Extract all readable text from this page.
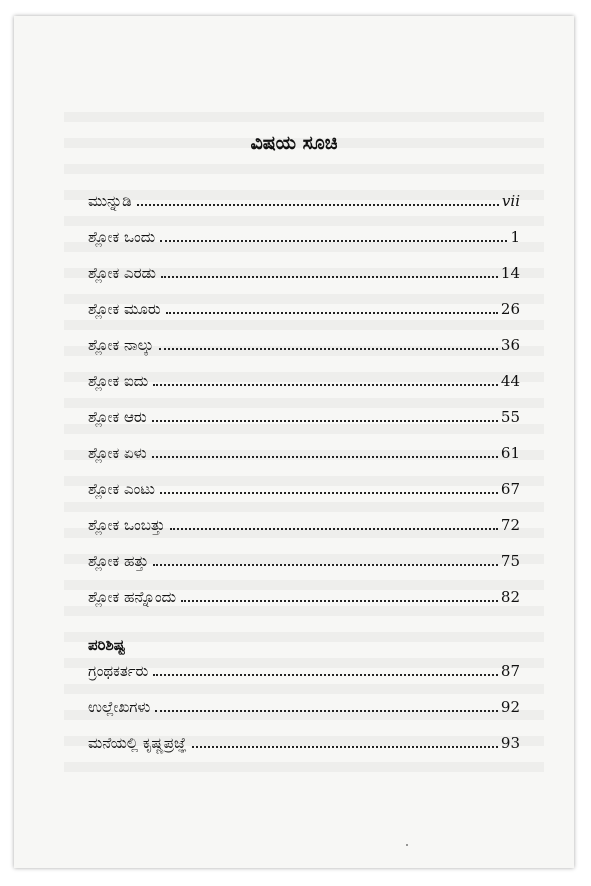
ವಿಷಯ ಸೂಚಿ
ಮುನ್ನುಡಿ	vii
ಶ್ಲೋಕ ಒಂದು	1
ಶ್ಲೋಕ ಎರಡು	14
ಶ್ಲೋಕ ಮೂರು	26
ಶ್ಲೋಕ ನಾಲ್ಕು	36
ಶ್ಲೋಕ ಐದು	44
ಶ್ಲೋಕ ಆರು	55
ಶ್ಲೋಕ ಏಳು	61
ಶ್ಲೋಕ ಎಂಟು	67
ಶ್ಲೋಕ ಒಂಬತ್ತು	72
ಶ್ಲೋಕ ಹತ್ತು	75
ಶ್ಲೋಕ ಹನ್ನೊಂದು	82
ಪರಿಶಿಷ್ಟ
ಗ್ರಂಥಕರ್ತರು	87
ಉಲ್ಲೇಖಗಳು	92
ಮನೆಯಲ್ಲಿ ಕೃಷ್ಣಪ್ರಜ್ಞೆ	93
